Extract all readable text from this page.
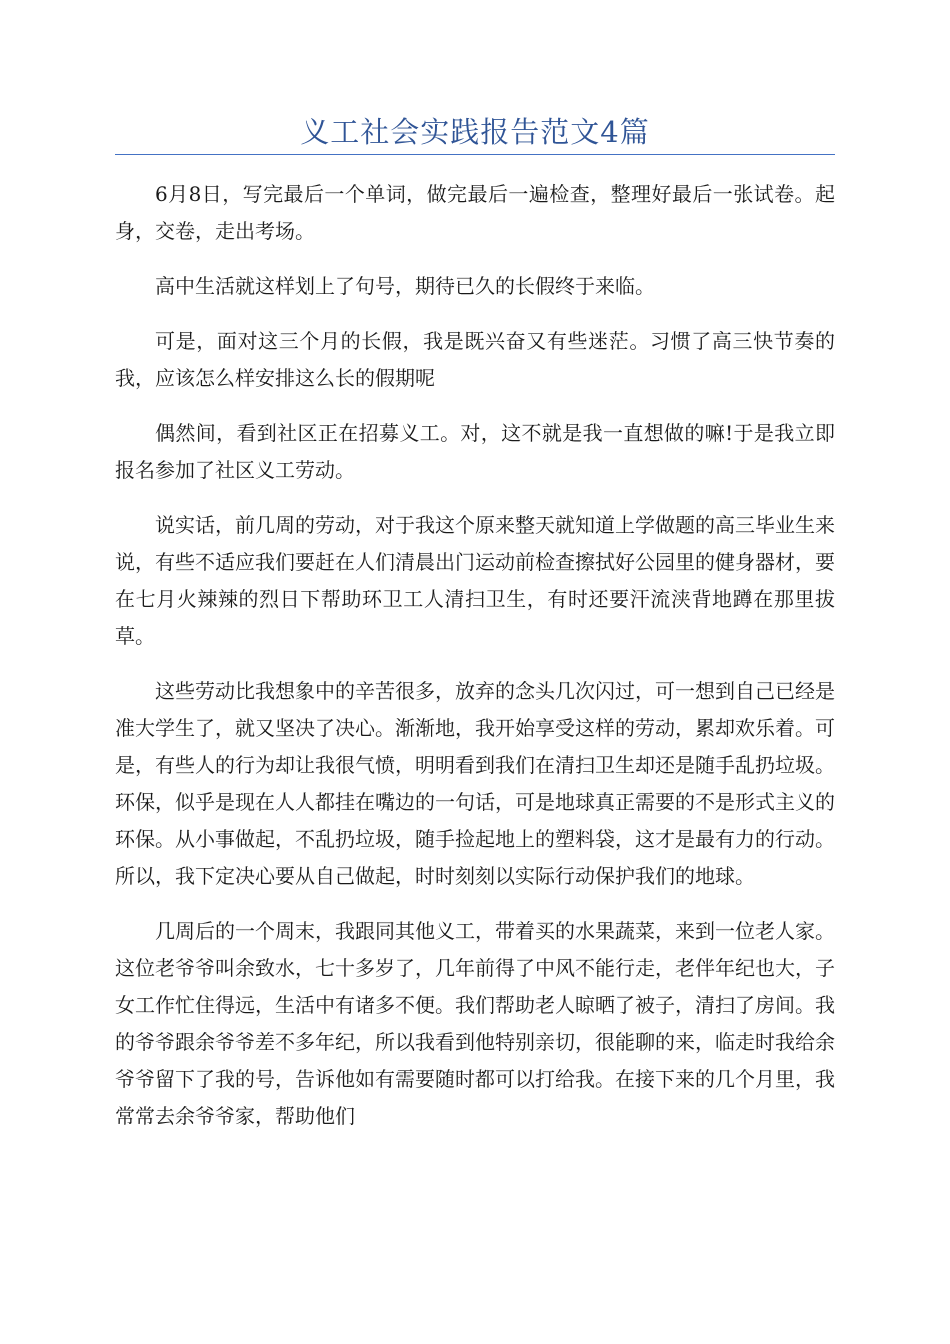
义工社会实践报告范文4篇

6月8日，写完最后一个单词，做完最后一遍检查，整理好最后一张试卷。起身，交卷，走出考场。

高中生活就这样划上了句号，期待已久的长假终于来临。

可是，面对这三个月的长假，我是既兴奋又有些迷茫。习惯了高三快节奏的我，应该怎么样安排这么长的假期呢

偶然间，看到社区正在招募义工。对，这不就是我一直想做的嘛!于是我立即报名参加了社区义工劳动。

说实话，前几周的劳动，对于我这个原来整天就知道上学做题的高三毕业生来说，有些不适应我们要赶在人们清晨出门运动前检查擦拭好公园里的健身器材，要在七月火辣辣的烈日下帮助环卫工人清扫卫生，有时还要汗流浃背地蹲在那里拔草。

这些劳动比我想象中的辛苦很多，放弃的念头几次闪过，可一想到自己已经是准大学生了，就又坚决了决心。渐渐地，我开始享受这样的劳动，累却欢乐着。可是，有些人的行为却让我很气愤，明明看到我们在清扫卫生却还是随手乱扔垃圾。环保，似乎是现在人人都挂在嘴边的一句话，可是地球真正需要的不是形式主义的环保。从小事做起，不乱扔垃圾，随手捡起地上的塑料袋，这才是最有力的行动。所以，我下定决心要从自己做起，时时刻刻以实际行动保护我们的地球。

几周后的一个周末，我跟同其他义工，带着买的水果蔬菜，来到一位老人家。这位老爷爷叫余致水，七十多岁了，几年前得了中风不能行走，老伴年纪也大，子女工作忙住得远，生活中有诸多不便。我们帮助老人晾晒了被子，清扫了房间。我的爷爷跟余爷爷差不多年纪，所以我看到他特别亲切，很能聊的来，临走时我给余爷爷留下了我的号，告诉他如有需要随时都可以打给我。在接下来的几个月里，我常常去余爷爷家，帮助他们
